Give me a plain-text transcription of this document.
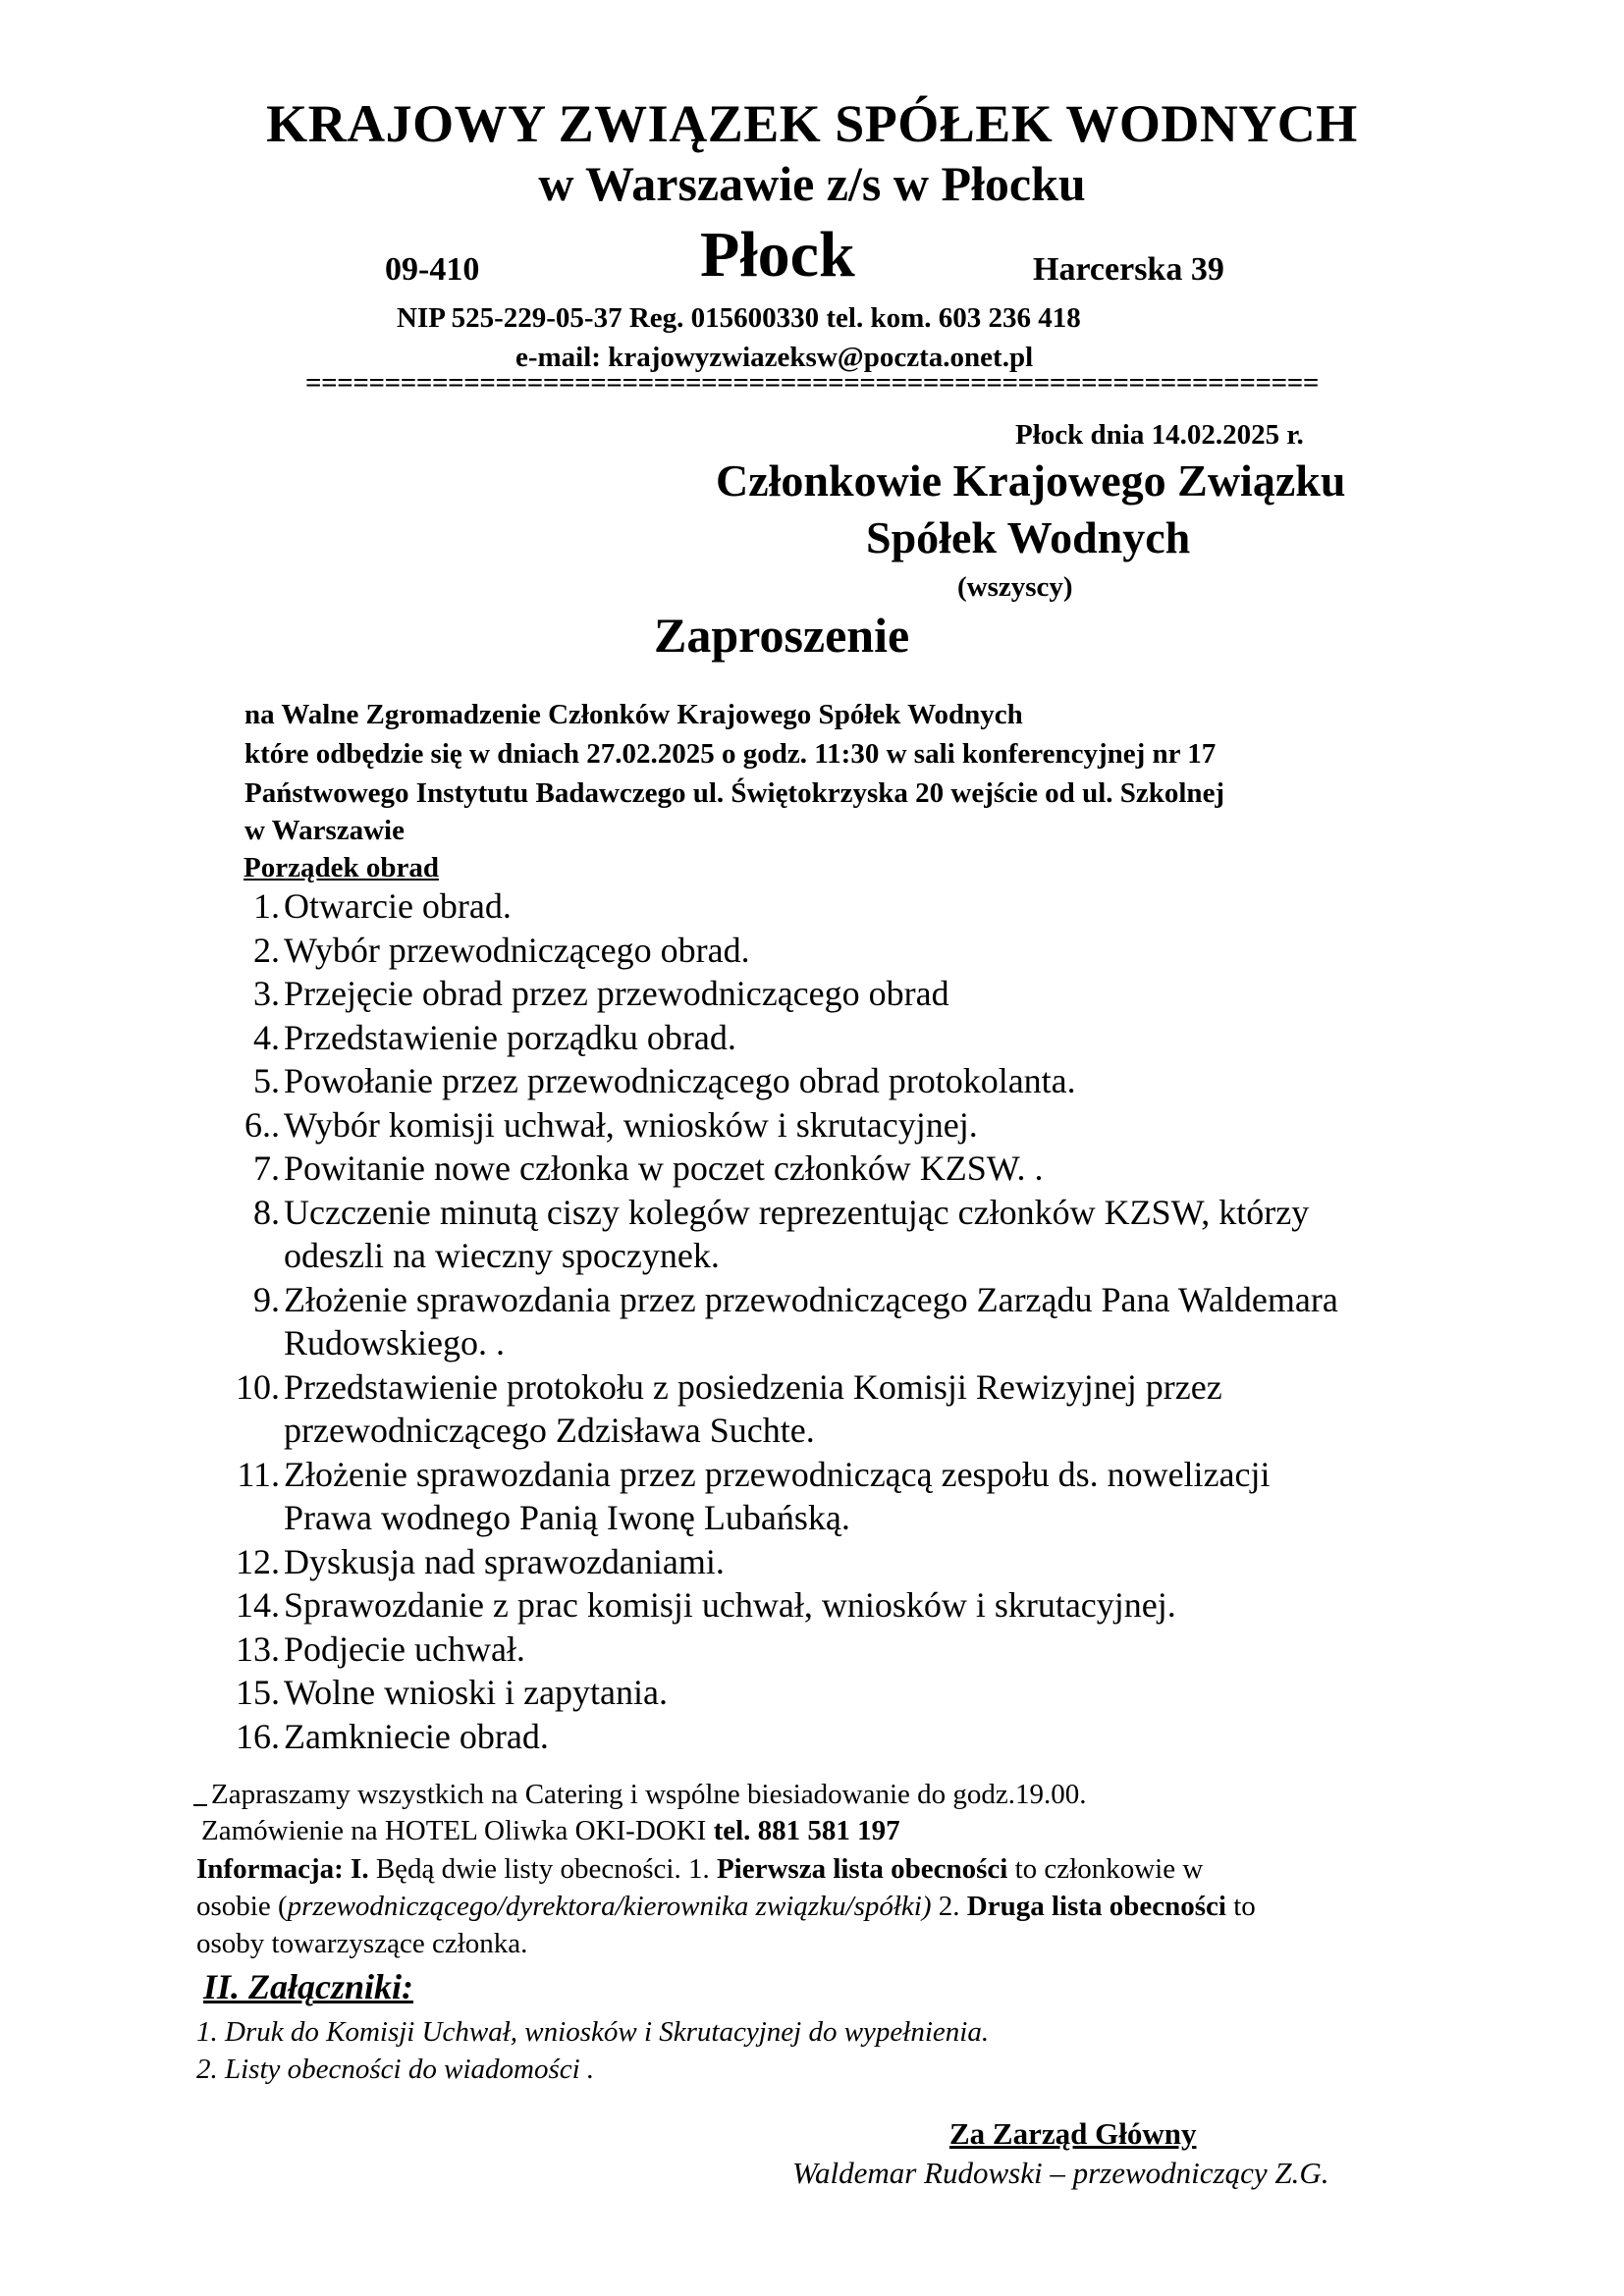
KRAJOWY ZWIĄZEK SPÓŁEK WODNYCH
w Warszawie z/s w Płocku
09-410	Płock	Harcerska 39
NIP 525-229-05-37 Reg. 015600330 tel. kom. 603 236 418
e-mail: krajowyzwiazeksw@poczta.onet.pl
================================================================
Płock dnia 14.02.2025 r.
Członkowie Krajowego Związku
Spółek Wodnych
(wszyscy)
Zaproszenie
na Walne Zgromadzenie Członków Krajowego Spółek Wodnych
które odbędzie się w dniach 27.02.2025 o godz. 11:30 w sali konferencyjnej nr 17
Państwowego Instytutu Badawczego ul. Świętokrzyska 20 wejście od ul. Szkolnej
w Warszawie
Porządek obrad
1. Otwarcie obrad.
2. Wybór przewodniczącego obrad.
3. Przejęcie obrad przez przewodniczącego obrad
4. Przedstawienie porządku obrad.
5. Powołanie przez przewodniczącego obrad protokolanta.
6.. Wybór komisji uchwał, wniosków i skrutacyjnej.
7. Powitanie nowe członka w poczet członków KZSW. .
8. Uczczenie minutą ciszy kolegów reprezentując członków KZSW, którzy
odeszli na wieczny spoczynek.
9. Złożenie sprawozdania przez przewodniczącego Zarządu Pana Waldemara
Rudowskiego. .
10. Przedstawienie protokołu z posiedzenia Komisji Rewizyjnej przez
przewodniczącego Zdzisława Suchte.
11. Złożenie sprawozdania przez przewodniczącą zespołu ds. nowelizacji
Prawa wodnego Panią Iwonę Lubańską.
12. Dyskusja nad sprawozdaniami.
14. Sprawozdanie z prac komisji uchwał, wniosków i skrutacyjnej.
13. Podjecie uchwał.
15. Wolne wnioski i zapytania.
16. Zamkniecie obrad.
Zapraszamy wszystkich na Catering i wspólne biesiadowanie do godz.19.00.
Zamówienie na HOTEL Oliwka OKI-DOKI tel. 881 581 197
Informacja: I. Będą dwie listy obecności. 1. Pierwsza lista obecności to członkowie w
osobie (przewodniczącego/dyrektora/kierownika związku/spółki) 2. Druga lista obecności to
osoby towarzyszące członka.
II. Załączniki:
1. Druk do Komisji Uchwał, wniosków i Skrutacyjnej do wypełnienia.
2. Listy obecności do wiadomości .
Za Zarząd Główny
Waldemar Rudowski – przewodniczący Z.G.
